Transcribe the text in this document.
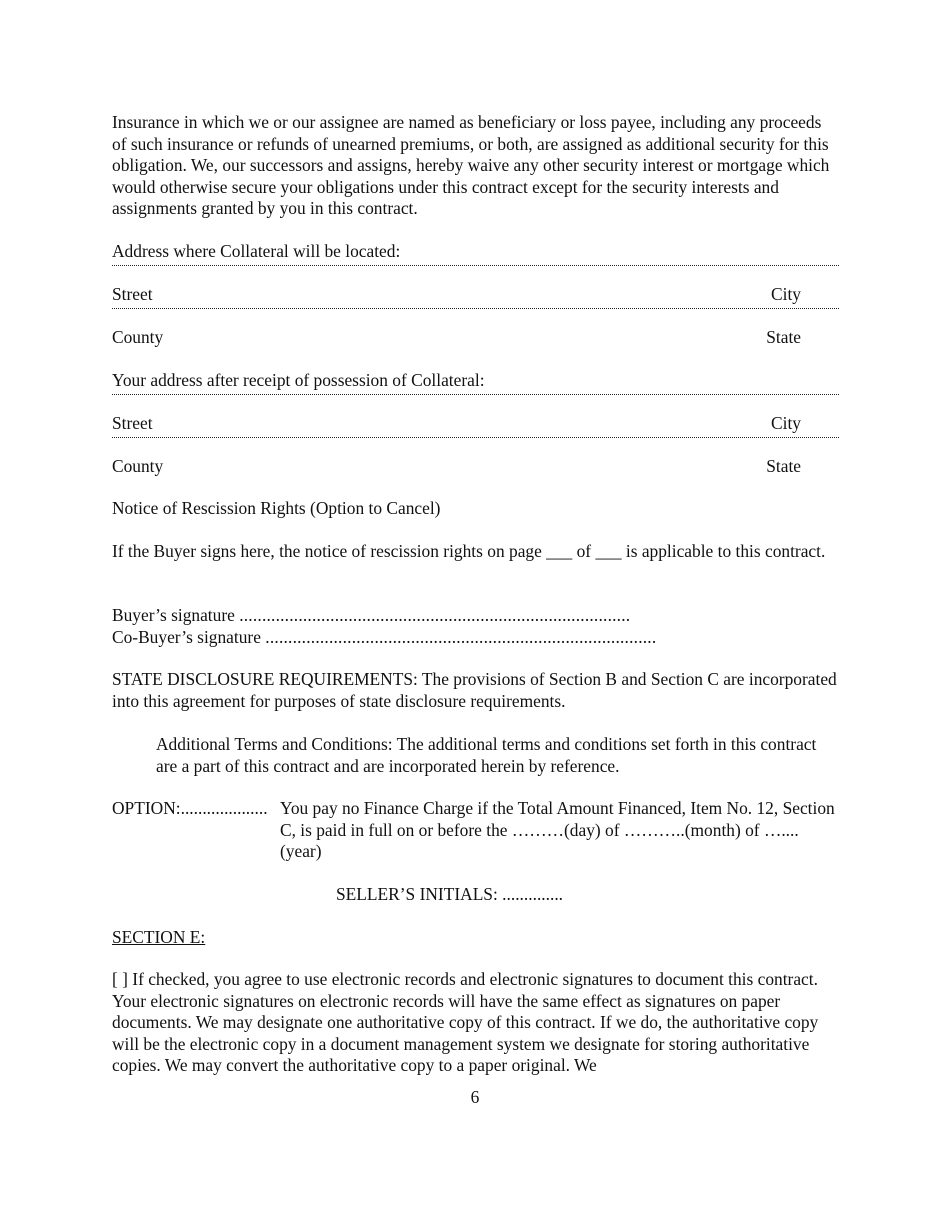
Insurance in which we or our assignee are named as beneficiary or loss payee, including any proceeds of such insurance or refunds of unearned premiums, or both, are assigned as additional security for this obligation. We, our successors and assigns, hereby waive any other security interest or mortgage which would otherwise secure your obligations under this contract except for the security interests and assignments granted by you in this contract.

Address where Collateral will be located:

Street	City
County	State

Your address after receipt of possession of Collateral:

Street	City
County	State

Notice of Rescission Rights (Option to Cancel)

If the Buyer signs here, the notice of rescission rights on page ___ of ___ is applicable to this contract.

Buyer’s signature ......................................................................................
Co-Buyer’s signature ......................................................................................

STATE DISCLOSURE REQUIREMENTS: The provisions of Section B and Section C are incorporated into this agreement for purposes of state disclosure requirements.

Additional Terms and Conditions: The additional terms and conditions set forth in this contract are a part of this contract and are incorporated herein by reference.

OPTION:.................... You pay no Finance Charge if the Total Amount Financed, Item No. 12, Section C, is paid in full on or before the ………(day) of ………..(month) of …....(year)
SELLER’S INITIALS: ..............

SECTION E:

[ ] If checked, you agree to use electronic records and electronic signatures to document this contract. Your electronic signatures on electronic records will have the same effect as signatures on paper documents. We may designate one authoritative copy of this contract. If we do, the authoritative copy will be the electronic copy in a document management system we designate for storing authoritative copies. We may convert the authoritative copy to a paper original. We

6
